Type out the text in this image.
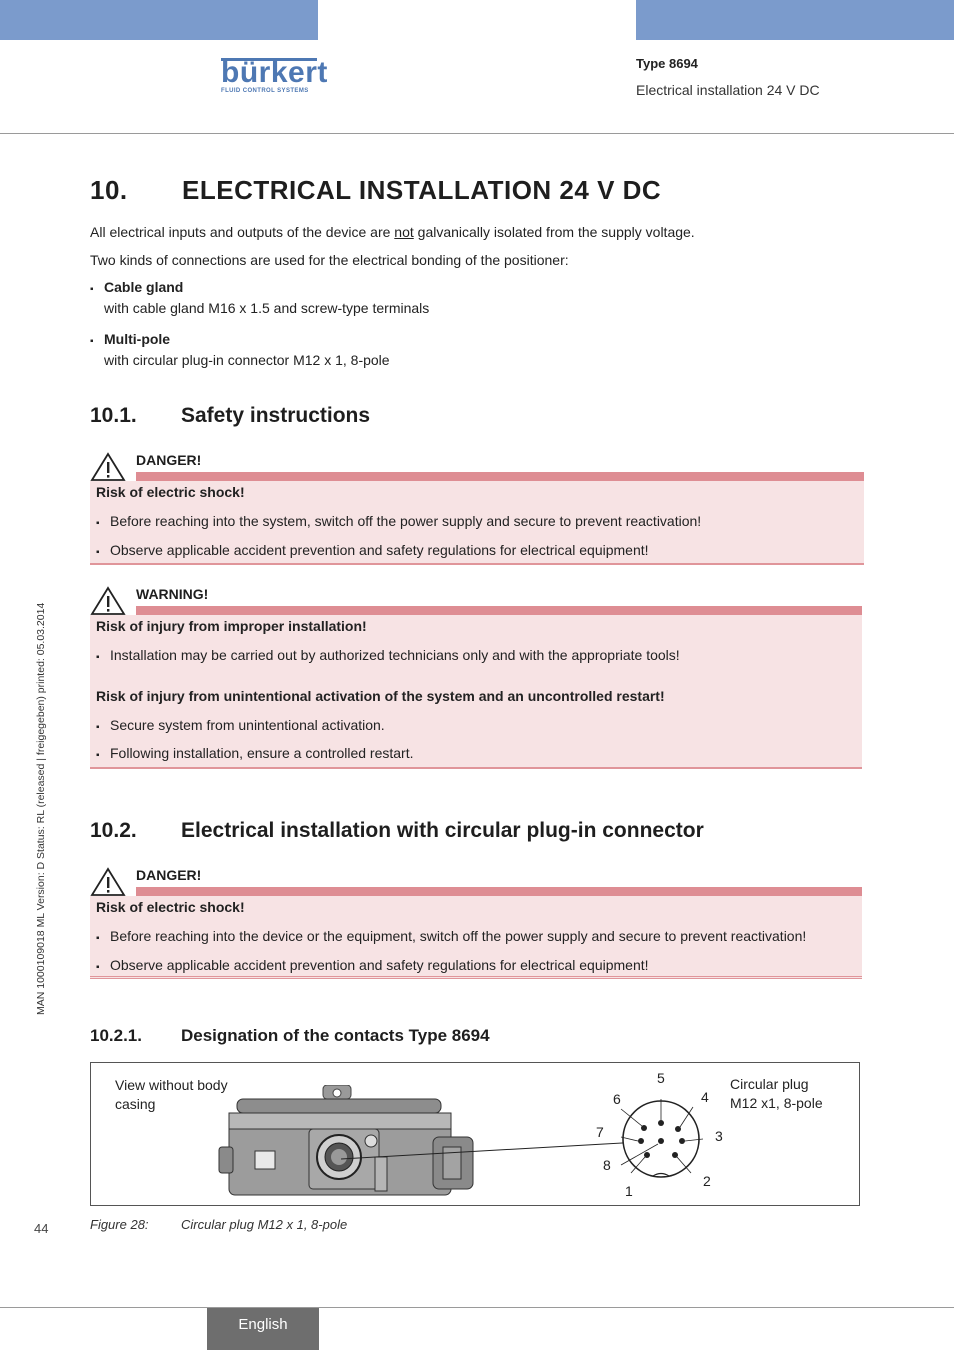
bürkert
FLUID CONTROL SYSTEMS
Type 8694
Electrical installation 24 V DC
MAN 1000109018 ML Version: D Status: RL (released | freigegeben) printed: 05.03.2014
44
10. ELECTRICAL INSTALLATION 24 V DC
All electrical inputs and outputs of the device are not galvanically isolated from the supply voltage.
Two kinds of connections are used for the electrical bonding of the positioner:
▪ Cable gland
with cable gland M16 x 1.5 and screw-type terminals
▪ Multi-pole
with circular plug-in connector M12 x 1, 8-pole
10.1. Safety instructions
DANGER!
Risk of electric shock!
▪ Before reaching into the system, switch off the power supply and secure to prevent reactivation!
▪ Observe applicable accident prevention and safety regulations for electrical equipment!
WARNING!
Risk of injury from improper installation!
▪ Installation may be carried out by authorized technicians only and with the appropriate tools!
Risk of injury from unintentional activation of the system and an uncontrolled restart!
▪ Secure system from unintentional activation.
▪ Following installation, ensure a controlled restart.
10.2. Electrical installation with circular plug-in connector
DANGER!
Risk of electric shock!
▪ Before reaching into the device or the equipment, switch off the power supply and secure to prevent reactivation!
▪ Observe applicable accident prevention and safety regulations for electrical equipment!
10.2.1. Designation of the contacts Type 8694
View without body
casing
Circular plug
M12 x1, 8-pole
5
4
6
3
7
8
2
1
Figure 28: Circular plug M12 x 1, 8-pole
English
